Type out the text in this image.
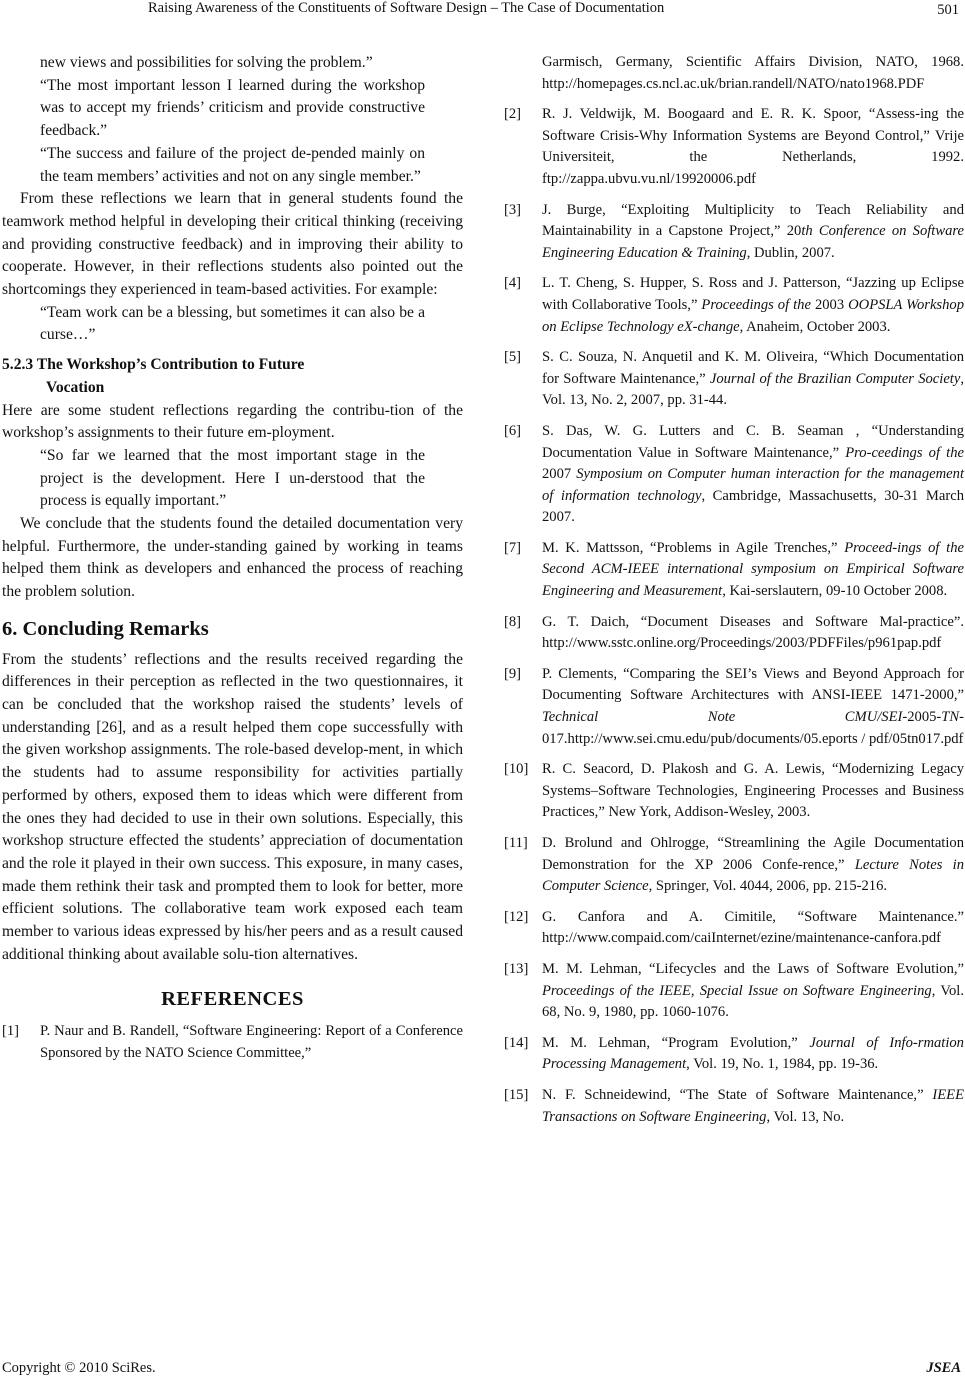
Raising Awareness of the Constituents of Software Design – The Case of Documentation	501

new views and possibilities for solving the problem.”

“The most important lesson I learned during the workshop was to accept my friends’ criticism and provide constructive feedback.”

“The success and failure of the project de-pended mainly on the team members’ activities and not on any single member.”

From these reflections we learn that in general students found the teamwork method helpful in developing their critical thinking (receiving and providing constructive feedback) and in improving their ability to cooperate. However, in their reflections students also pointed out the shortcomings they experienced in team-based activities. For example:

“Team work can be a blessing, but sometimes it can also be a curse…”

5.2.3 The Workshop’s Contribution to Future
Vocation

Here are some student reflections regarding the contribu-tion of the workshop’s assignments to their future em-ployment.

“So far we learned that the most important stage in the project is the development. Here I un-derstood that the process is equally important.”

We conclude that the students found the detailed documentation very helpful. Furthermore, the under-standing gained by working in teams helped them think as developers and enhanced the process of reaching the problem solution.

6. Concluding Remarks

From the students’ reflections and the results received regarding the differences in their perception as reflected in the two questionnaires, it can be concluded that the workshop raised the students’ levels of understanding [26], and as a result helped them cope successfully with the given workshop assignments. The role-based develop-ment, in which the students had to assume responsibility for activities partially performed by others, exposed them to ideas which were different from the ones they had decided to use in their own solutions. Especially, this workshop structure effected the students’ appreciation of documentation and the role it played in their own success. This exposure, in many cases, made them rethink their task and prompted them to look for better, more efficient solutions. The collaborative team work exposed each team member to various ideas expressed by his/her peers and as a result caused additional thinking about available solu-tion alternatives.

REFERENCES
[1] P. Naur and B. Randell, “Software Engineering: Report of a Conference Sponsored by the NATO Science Committee,”
Garmisch, Germany, Scientific Affairs Division, NATO, 1968. http://homepages.cs.ncl.ac.uk/brian.randell/NATO/nato1968.PDF
[2] R. J. Veldwijk, M. Boogaard and E. R. K. Spoor, “Assess-ing the Software Crisis-Why Information Systems are Beyond Control,” Vrije Universiteit, the Netherlands, 1992. ftp://zappa.ubvu.vu.nl/19920006.pdf
[3] J. Burge, “Exploiting Multiplicity to Teach Reliability and Maintainability in a Capstone Project,” 20th Conference on Software Engineering Education & Training, Dublin, 2007.
[4] L. T. Cheng, S. Hupper, S. Ross and J. Patterson, “Jazzing up Eclipse with Collaborative Tools,” Proceedings of the 2003 OOPSLA Workshop on Eclipse Technology eX-change, Anaheim, October 2003.
[5] S. C. Souza, N. Anquetil and K. M. Oliveira, “Which Documentation for Software Maintenance,” Journal of the Brazilian Computer Society, Vol. 13, No. 2, 2007, pp. 31-44.
[6] S. Das, W. G. Lutters and C. B. Seaman , “Understanding Documentation Value in Software Maintenance,” Pro-ceedings of the 2007 Symposium on Computer human interaction for the management of information technology, Cambridge, Massachusetts, 30-31 March 2007.
[7] M. K. Mattsson, “Problems in Agile Trenches,” Proceed-ings of the Second ACM-IEEE international symposium on Empirical Software Engineering and Measurement, Kai-serslautern, 09-10 October 2008.
[8] G. T. Daich, “Document Diseases and Software Mal-practice”. http://www.sstc.online.org/Proceedings/2003/PDFFiles/p961pap.pdf
[9] P. Clements, “Comparing the SEI’s Views and Beyond Approach for Documenting Software Architectures with ANSI-IEEE 1471-2000,” Technical Note CMU/SEI-2005-TN-017.http://www.sei.cmu.edu/pub/documents/05.eports / pdf/05tn017.pdf
[10] R. C. Seacord, D. Plakosh and G. A. Lewis, “Modernizing Legacy Systems–Software Technologies, Engineering Processes and Business Practices,” New York, Addison-Wesley, 2003.
[11] D. Brolund and Ohlrogge, “Streamlining the Agile Documentation Demonstration for the XP 2006 Confe-rence,” Lecture Notes in Computer Science, Springer, Vol. 4044, 2006, pp. 215-216.
[12] G. Canfora and A. Cimitile, “Software Maintenance.” http://www.compaid.com/caiInternet/ezine/maintenance-canfora.pdf
[13] M. M. Lehman, “Lifecycles and the Laws of Software Evolution,” Proceedings of the IEEE, Special Issue on Software Engineering, Vol. 68, No. 9, 1980, pp. 1060-1076.
[14] M. M. Lehman, “Program Evolution,” Journal of Info-rmation Processing Management, Vol. 19, No. 1, 1984, pp. 19-36.
[15] N. F. Schneidewind, “The State of Software Maintenance,” IEEE Transactions on Software Engineering, Vol. 13, No.
Copyright © 2010 SciRes.	JSEA
